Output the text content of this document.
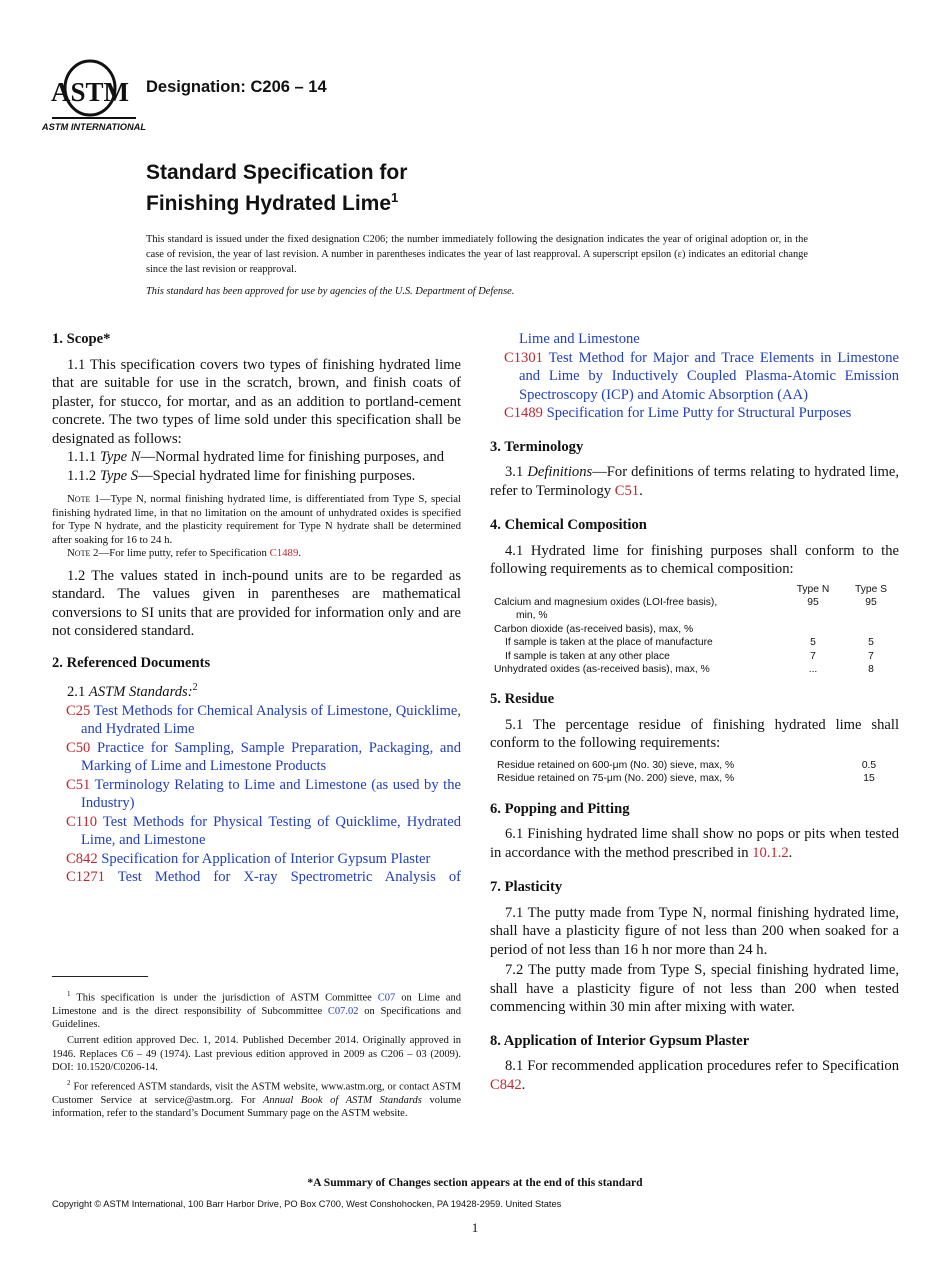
ASTM
ASTM INTERNATIONAL
Designation: C206 – 14
Standard Specification for
Finishing Hydrated Lime$^1$

This standard is issued under the fixed designation C206; the number immediately following the designation indicates the year of original adoption or, in the case of revision, the year of last revision. A number in parentheses indicates the year of last reapproval. A superscript epsilon (ε) indicates an editorial change since the last revision or reapproval.

This standard has been approved for use by agencies of the U.S. Department of Defense.

1. Scope*

1.1 This specification covers two types of finishing hydrated lime that are suitable for use in the scratch, brown, and finish coats of plaster, for stucco, for mortar, and as an addition to portland-cement concrete. The two types of lime sold under this specification shall be designated as follows:

1.1.1 Type N—Normal hydrated lime for finishing purposes, and

1.1.2 Type S—Special hydrated lime for finishing purposes.

Note 1—Type N, normal finishing hydrated lime, is differentiated from Type S, special finishing hydrated lime, in that no limitation on the amount of unhydrated oxides is specified for Type N hydrate, and the plasticity requirement for Type N hydrate shall be determined after soaking for 16 to 24 h.

Note 2—For lime putty, refer to Specification C1489.

1.2 The values stated in inch-pound units are to be regarded as standard. The values given in parentheses are mathematical conversions to SI units that are provided for information only and are not considered standard.

2. Referenced Documents

2.1 ASTM Standards:$^2$

C25 Test Methods for Chemical Analysis of Limestone, Quicklime, and Hydrated Lime

C50 Practice for Sampling, Sample Preparation, Packaging, and Marking of Lime and Limestone Products

C51 Terminology Relating to Lime and Limestone (as used by the Industry)

C110 Test Methods for Physical Testing of Quicklime, Hydrated Lime, and Limestone

C842 Specification for Application of Interior Gypsum Plaster

C1271 Test Method for X-ray Spectrometric Analysis of

$^1$ This specification is under the jurisdiction of ASTM Committee C07 on Lime and Limestone and is the direct responsibility of Subcommittee C07.02 on Specifications and Guidelines.

Current edition approved Dec. 1, 2014. Published December 2014. Originally approved in 1946. Replaces C6 – 49 (1974). Last previous edition approved in 2009 as C206 – 03 (2009). DOI: 10.1520/C0206-14.

$^2$ For referenced ASTM standards, visit the ASTM website, www.astm.org, or contact ASTM Customer Service at service@astm.org. For Annual Book of ASTM Standards volume information, refer to the standard’s Document Summary page on the ASTM website.

Lime and Limestone

C1301 Test Method for Major and Trace Elements in Limestone and Lime by Inductively Coupled Plasma-Atomic Emission Spectroscopy (ICP) and Atomic Absorption (AA)

C1489 Specification for Lime Putty for Structural Purposes

3. Terminology

3.1 Definitions—For definitions of terms relating to hydrated lime, refer to Terminology C51.

4. Chemical Composition

4.1 Hydrated lime for finishing purposes shall conform to the following requirements as to chemical composition:

	Type N	Type S
Calcium and magnesium oxides (LOI-free basis),	95	95
min, %		
Carbon dioxide (as-received basis), max, %		
If sample is taken at the place of manufacture	5	5
If sample is taken at any other place	7	7
Unhydrated oxides (as-received basis), max, %	...	8
5. Residue

5.1 The percentage residue of finishing hydrated lime shall conform to the following requirements:

Residue retained on 600-μm (No. 30) sieve, max, %	0.5
Residue retained on 75-μm (No. 200) sieve, max, %	15
6. Popping and Pitting

6.1 Finishing hydrated lime shall show no pops or pits when tested in accordance with the method prescribed in 10.1.2.

7. Plasticity

7.1 The putty made from Type N, normal finishing hydrated lime, shall have a plasticity figure of not less than 200 when soaked for a period of not less than 16 h nor more than 24 h.

7.2 The putty made from Type S, special finishing hydrated lime, shall have a plasticity figure of not less than 200 when tested commencing within 30 min after mixing with water.

8. Application of Interior Gypsum Plaster

8.1 For recommended application procedures refer to Specification C842.

*A Summary of Changes section appears at the end of this standard
Copyright © ASTM International, 100 Barr Harbor Drive, PO Box C700, West Conshohocken, PA 19428-2959. United States
1
